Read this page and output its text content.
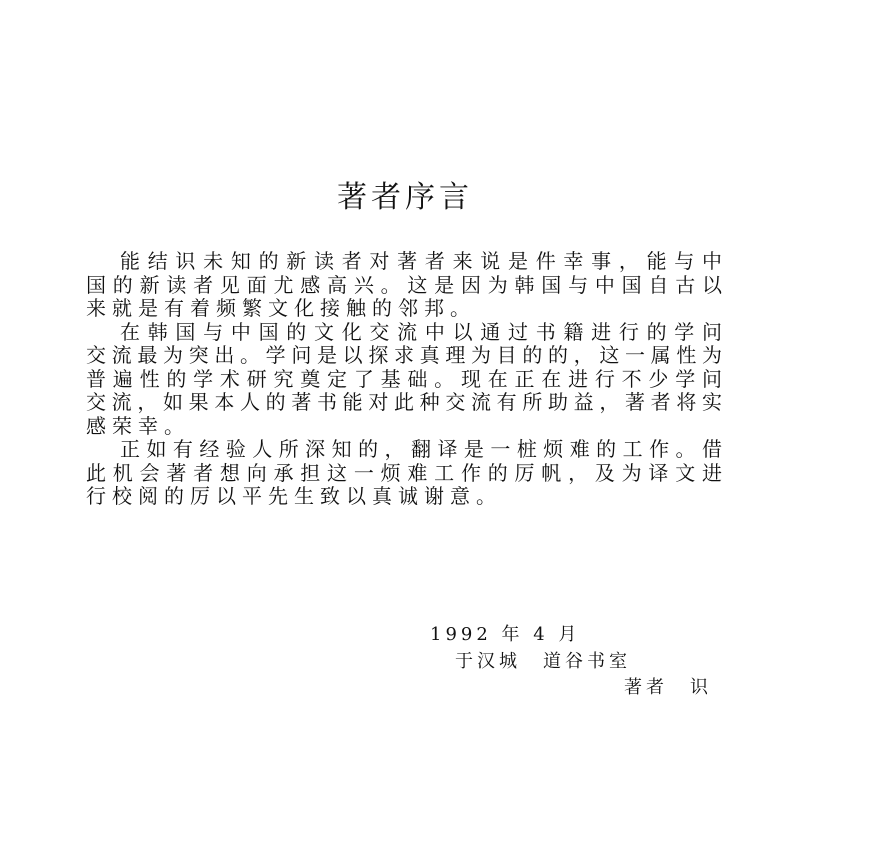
著者序言
能结识未知的新读者对著者来说是件幸事，能与中
国的新读者见面尤感高兴。这是因为韩国与中国自古以
来就是有着频繁文化接触的邻邦。
在韩国与中国的文化交流中以通过书籍进行的学问
交流最为突出。学问是以探求真理为目的的，这一属性为
普遍性的学术研究奠定了基础。现在正在进行不少学问
交流，如果本人的著书能对此种交流有所助益，著者将实
感荣幸。
正如有经验人所深知的，翻译是一桩烦难的工作。借
此机会著者想向承担这一烦难工作的厉帆，及为译文进
行校阅的厉以平先生致以真诚谢意。
1992 年 4 月
于汉城　道谷书室
著者　识
